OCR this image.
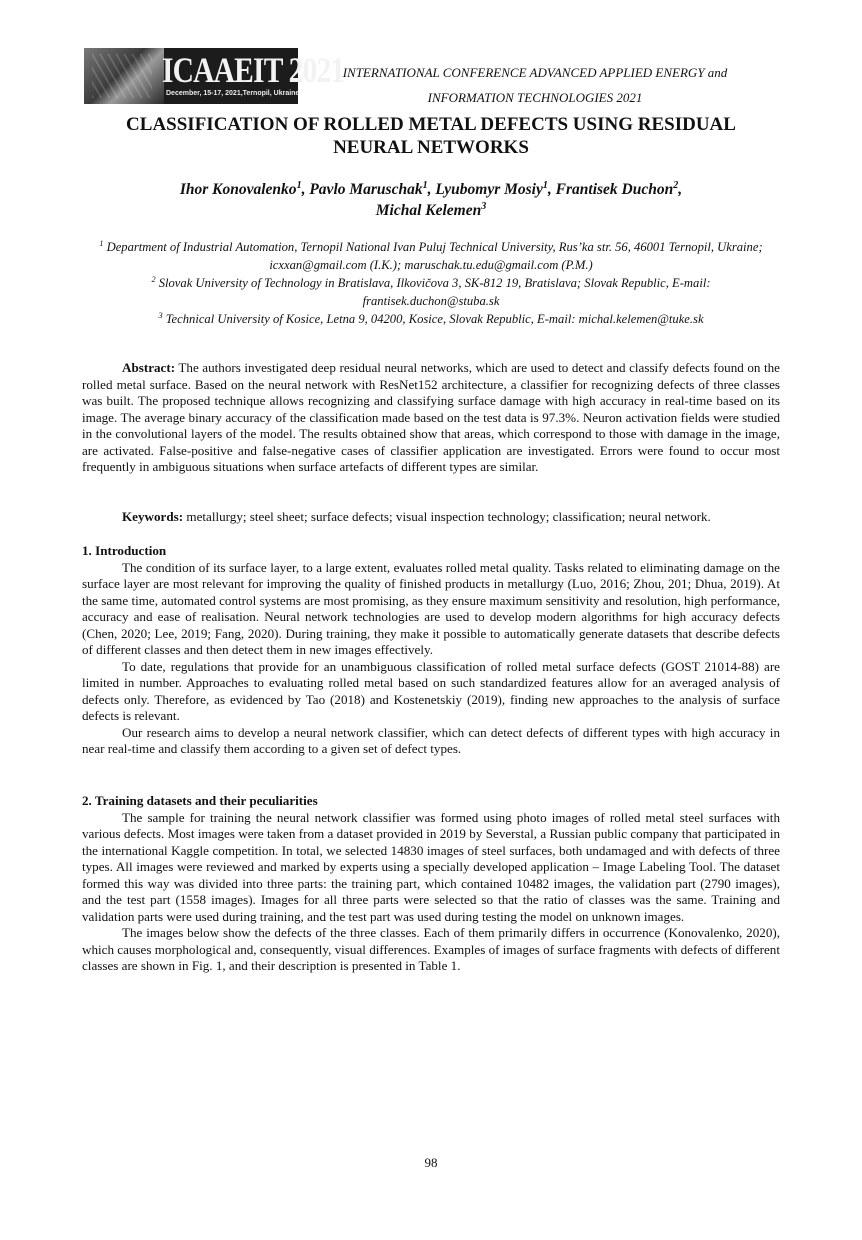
ICAAEIT 2021
December, 15-17, 2021,Ternopil, Ukraine
INTERNATIONAL CONFERENCE ADVANCED APPLIED ENERGY and
INFORMATION TECHNOLOGIES 2021
CLASSIFICATION OF ROLLED METAL DEFECTS USING RESIDUAL NEURAL NETWORKS
Ihor Konovalenko$^1$, Pavlo Maruschak$^1$, Lyubomyr Mosiy$^1$, Frantisek Duchon$^2$,
Michal Kelemen$^3$
$^1$ Department of Industrial Automation, Ternopil National Ivan Puluj Technical University, Rus’ka str. 56, 46001 Ternopil, Ukraine; icxxan@gmail.com (I.K.); maruschak.tu.edu@gmail.com (P.M.)
$^2$ Slovak University of Technology in Bratislava, Ilkovičova 3, SK-812 19, Bratislava; Slovak Republic, E-mail: frantisek.duchon@stuba.sk
$^3$ Technical University of Kosice, Letna 9, 04200, Kosice, Slovak Republic, E-mail: michal.kelemen@tuke.sk

Abstract: The authors investigated deep residual neural networks, which are used to detect and classify defects found on the rolled metal surface. Based on the neural network with ResNet152 architecture, a classifier for recognizing defects of three classes was built. The proposed technique allows recognizing and classifying surface damage with high accuracy in real-time based on its image. The average binary accuracy of the classification made based on the test data is 97.3%. Neuron activation fields were studied in the convolutional layers of the model. The results obtained show that areas, which correspond to those with damage in the image, are activated. False-positive and false-negative cases of classifier application are investigated. Errors were found to occur most frequently in ambiguous situations when surface artefacts of different types are similar.

Keywords: metallurgy; steel sheet; surface defects; visual inspection technology; classification; neural network.

1. Introduction

The condition of its surface layer, to a large extent, evaluates rolled metal quality. Tasks related to eliminating damage on the surface layer are most relevant for improving the quality of finished products in metallurgy (Luo, 2016; Zhou, 201; Dhua, 2019). At the same time, automated control systems are most promising, as they ensure maximum sensitivity and resolution, high performance, accuracy and ease of realisation. Neural network technologies are used to develop modern algorithms for high accuracy defects (Chen, 2020; Lee, 2019; Fang, 2020). During training, they make it possible to automatically generate datasets that describe defects of different classes and then detect them in new images effectively.

To date, regulations that provide for an unambiguous classification of rolled metal surface defects (GOST 21014-88) are limited in number. Approaches to evaluating rolled metal based on such standardized features allow for an averaged analysis of defects only. Therefore, as evidenced by Tao (2018) and Kostenetskiy (2019), finding new approaches to the analysis of surface defects is relevant.

Our research aims to develop a neural network classifier, which can detect defects of different types with high accuracy in near real-time and classify them according to a given set of defect types.

2. Training datasets and their peculiarities

The sample for training the neural network classifier was formed using photo images of rolled metal steel surfaces with various defects. Most images were taken from a dataset provided in 2019 by Severstal, a Russian public company that participated in the international Kaggle competition. In total, we selected 14830 images of steel surfaces, both undamaged and with defects of three types. All images were reviewed and marked by experts using a specially developed application – Image Labeling Tool. The dataset formed this way was divided into three parts: the training part, which contained 10482 images, the validation part (2790 images), and the test part (1558 images). Images for all three parts were selected so that the ratio of classes was the same. Training and validation parts were used during training, and the test part was used during testing the model on unknown images.

The images below show the defects of the three classes. Each of them primarily differs in occurrence (Konovalenko, 2020), which causes morphological and, consequently, visual differences. Examples of images of surface fragments with defects of different classes are shown in Fig. 1, and their description is presented in Table 1.

98
